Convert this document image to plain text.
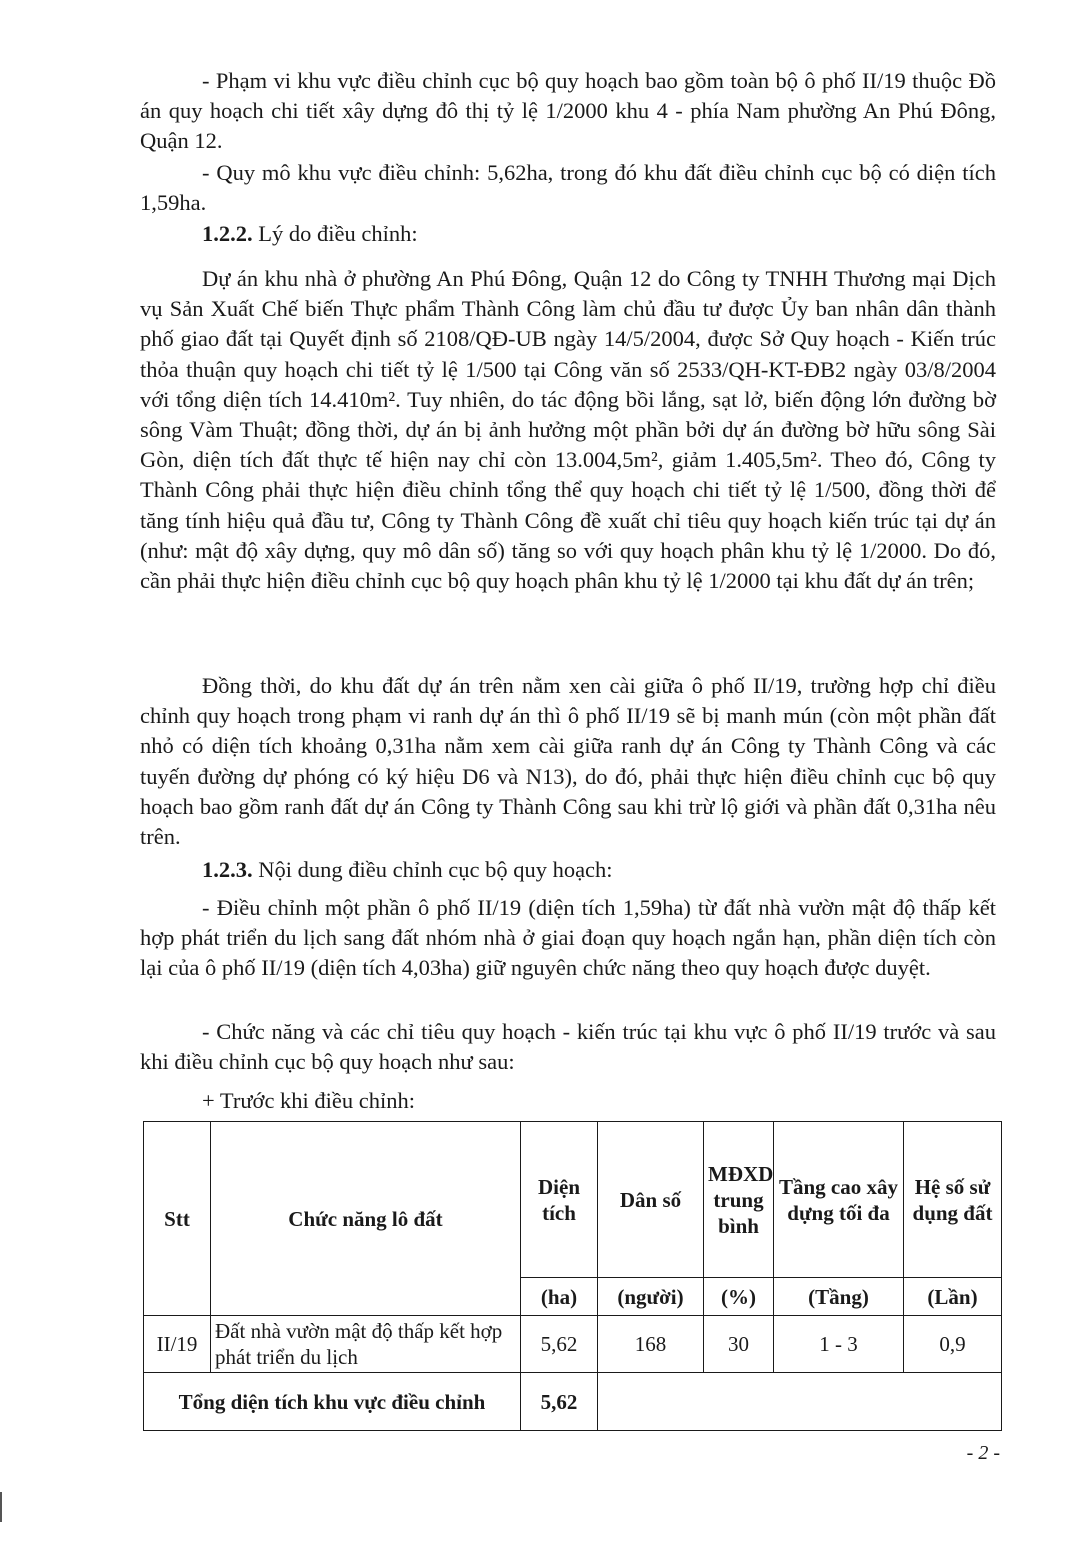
- Phạm vi khu vực điều chỉnh cục bộ quy hoạch bao gồm toàn bộ ô phố II/19 thuộc Đồ án quy hoạch chi tiết xây dựng đô thị tỷ lệ 1/2000 khu 4 - phía Nam phường An Phú Đông, Quận 12.

- Quy mô khu vực điều chỉnh: 5,62ha, trong đó khu đất điều chỉnh cục bộ có diện tích 1,59ha.

1.2.2. Lý do điều chỉnh:

Dự án khu nhà ở phường An Phú Đông, Quận 12 do Công ty TNHH Thương mại Dịch vụ Sản Xuất Chế biến Thực phẩm Thành Công làm chủ đầu tư được Ủy ban nhân dân thành phố giao đất tại Quyết định số 2108/QĐ-UB ngày 14/5/2004, được Sở Quy hoạch - Kiến trúc thỏa thuận quy hoạch chi tiết tỷ lệ 1/500 tại Công văn số 2533/QH-KT-ĐB2 ngày 03/8/2004 với tổng diện tích 14.410m². Tuy nhiên, do tác động bồi lắng, sạt lở, biến động lớn đường bờ sông Vàm Thuật; đồng thời, dự án bị ảnh hưởng một phần bởi dự án đường bờ hữu sông Sài Gòn, diện tích đất thực tế hiện nay chỉ còn 13.004,5m², giảm 1.405,5m². Theo đó, Công ty Thành Công phải thực hiện điều chỉnh tổng thể quy hoạch chi tiết tỷ lệ 1/500, đồng thời để tăng tính hiệu quả đầu tư, Công ty Thành Công đề xuất chỉ tiêu quy hoạch kiến trúc tại dự án (như: mật độ xây dựng, quy mô dân số) tăng so với quy hoạch phân khu tỷ lệ 1/2000. Do đó, cần phải thực hiện điều chỉnh cục bộ quy hoạch phân khu tỷ lệ 1/2000 tại khu đất dự án trên;

Đồng thời, do khu đất dự án trên nằm xen cài giữa ô phố II/19, trường hợp chỉ điều chỉnh quy hoạch trong phạm vi ranh dự án thì ô phố II/19 sẽ bị manh mún (còn một phần đất nhỏ có diện tích khoảng 0,31ha nằm xem cài giữa ranh dự án Công ty Thành Công và các tuyến đường dự phóng có ký hiệu D6 và N13), do đó, phải thực hiện điều chỉnh cục bộ quy hoạch bao gồm ranh đất dự án Công ty Thành Công sau khi trừ lộ giới và phần đất 0,31ha nêu trên.

1.2.3. Nội dung điều chỉnh cục bộ quy hoạch:

- Điều chỉnh một phần ô phố II/19 (diện tích 1,59ha) từ đất nhà vườn mật độ thấp kết hợp phát triển du lịch sang đất nhóm nhà ở giai đoạn quy hoạch ngắn hạn, phần diện tích còn lại của ô phố II/19 (diện tích 4,03ha) giữ nguyên chức năng theo quy hoạch được duyệt.

- Chức năng và các chỉ tiêu quy hoạch - kiến trúc tại khu vực ô phố II/19 trước và sau khi điều chỉnh cục bộ quy hoạch như sau:

+ Trước khi điều chỉnh:

Stt	Chức năng lô đất	Diện tích	Dân số	MĐXD trung bình	Tầng cao xây dựng tối đa	Hệ số sử dụng đất
		(ha)	(người)	(%)	(Tầng)	(Lần)
II/19	Đất nhà vườn mật độ thấp kết hợp phát triển du lịch	5,62	168	30	1 - 3	0,9
Tổng diện tích khu vực điều chỉnh		5,62				
- 2 -
